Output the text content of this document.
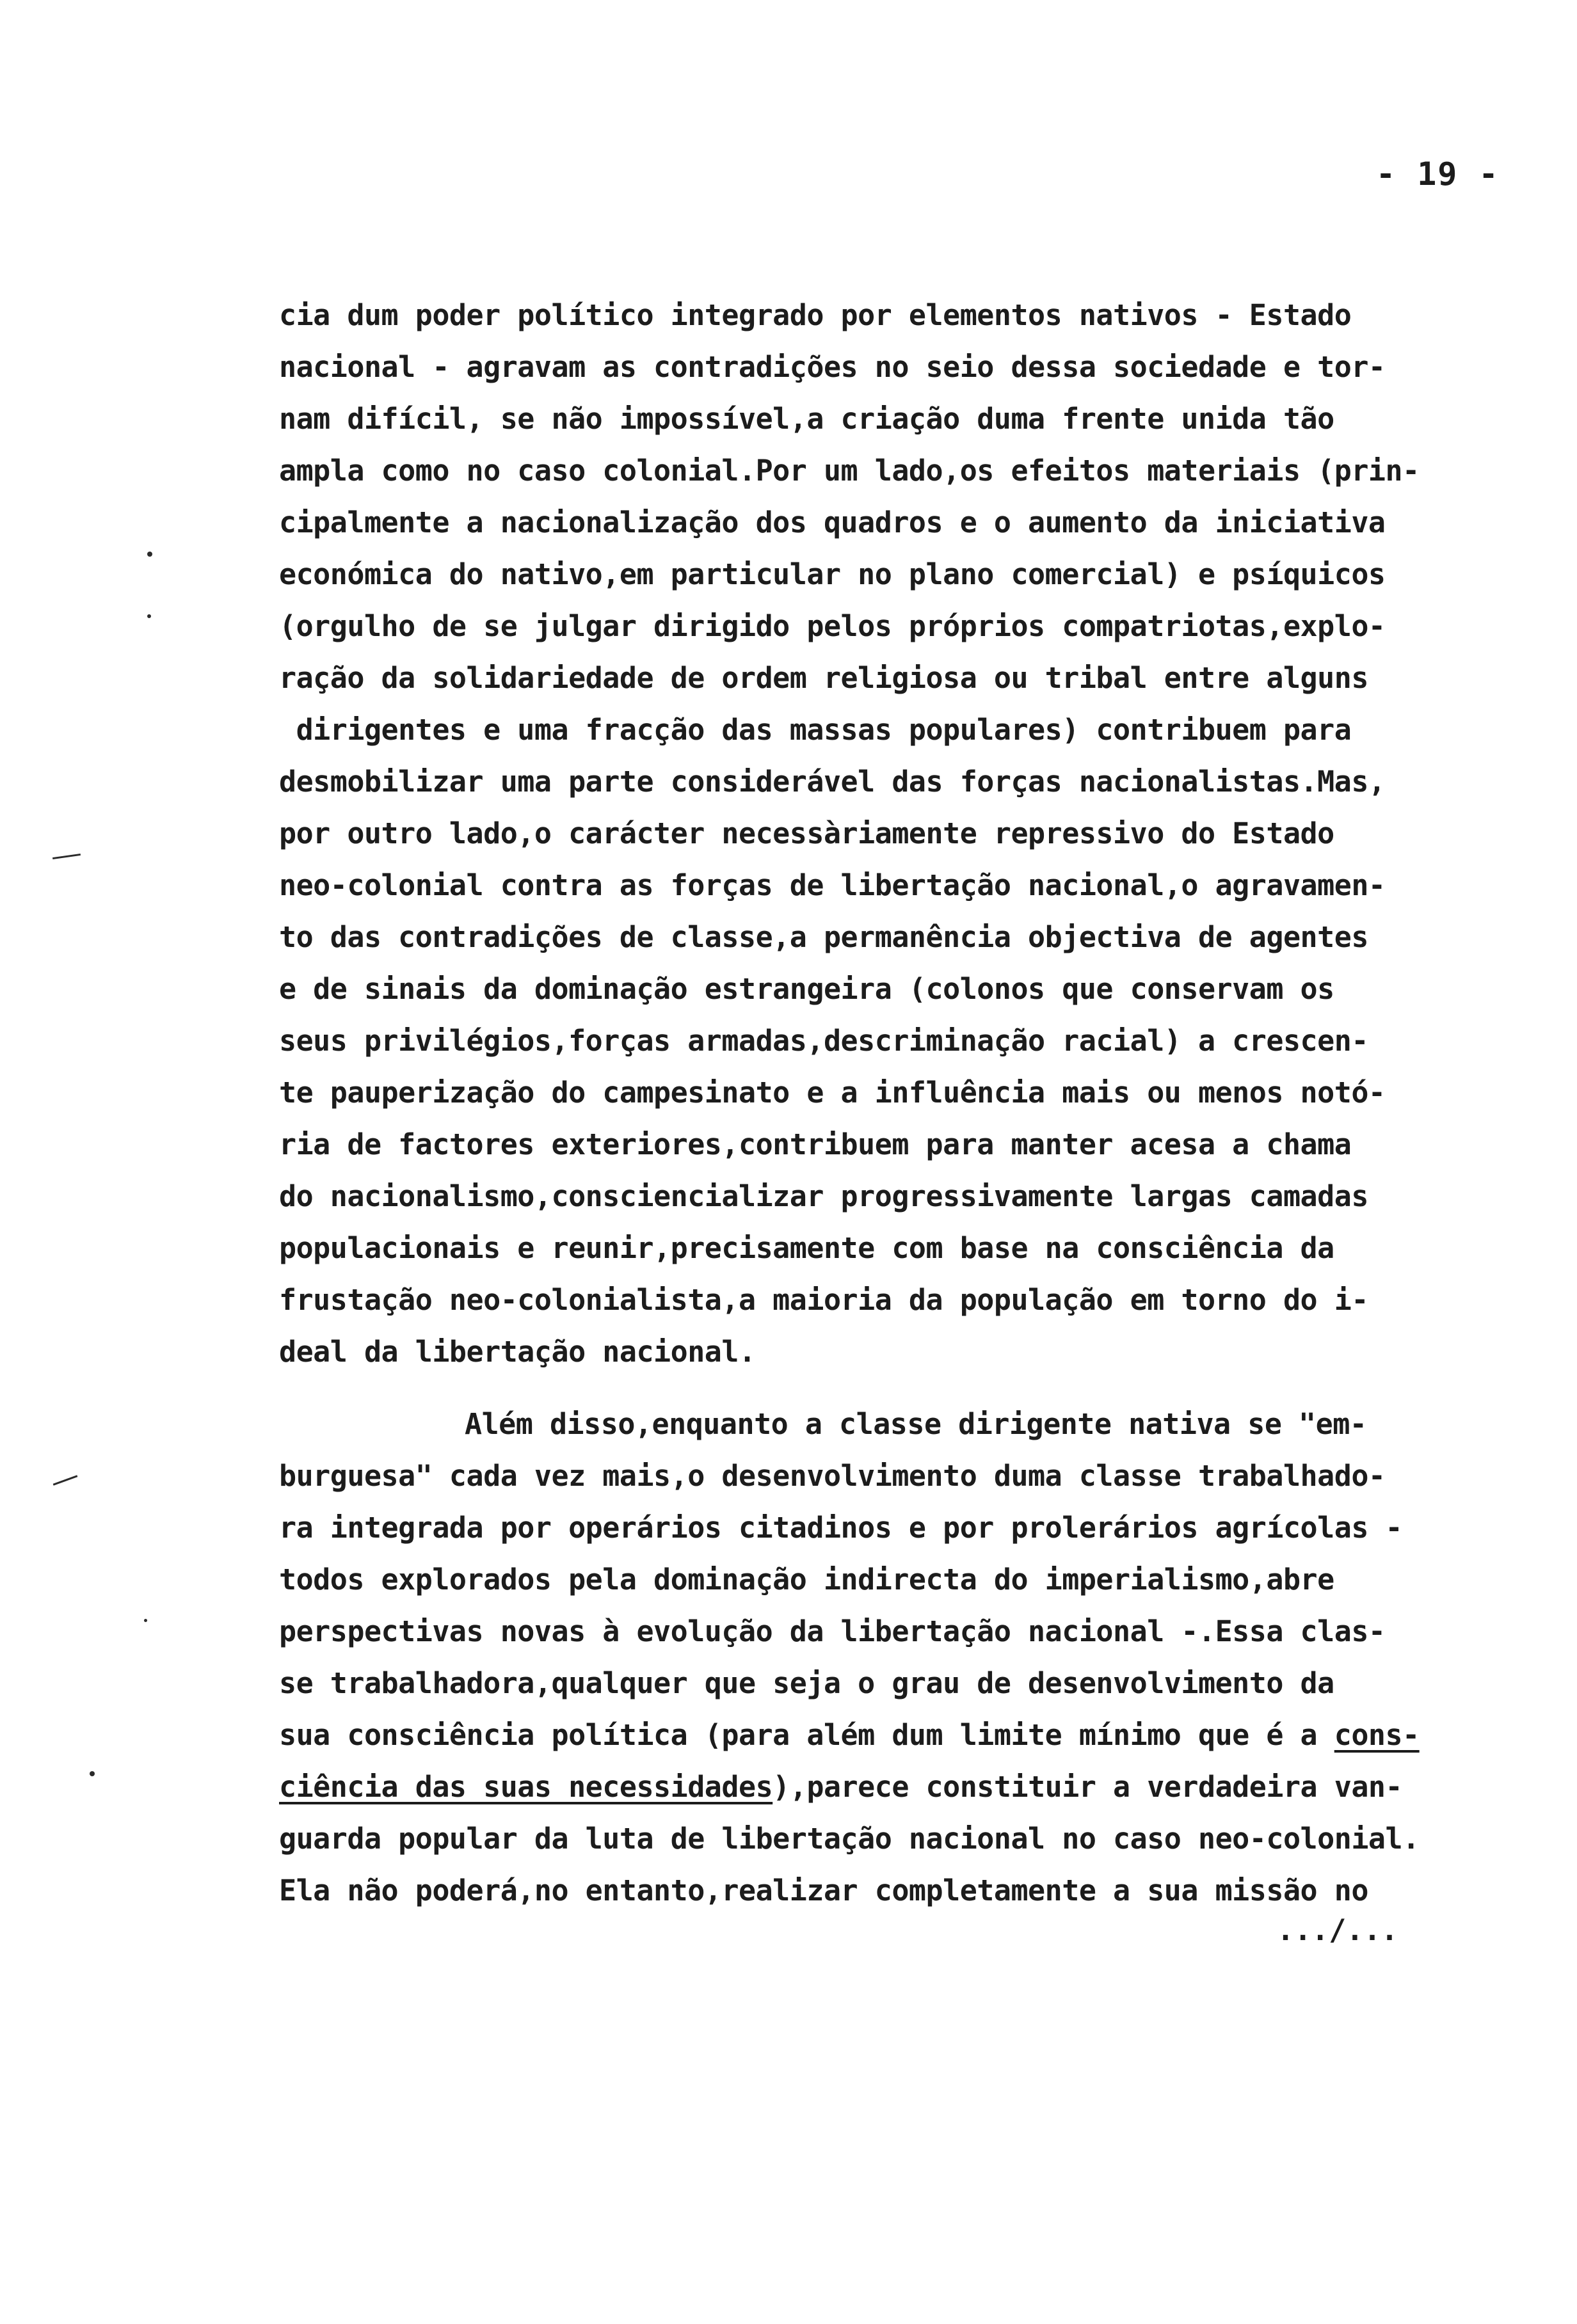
- 19 -
cia dum poder político integrado por elementos nativos - Estado
nacional - agravam as contradições no seio dessa sociedade e tor-
nam difícil, se não impossível,a criação duma frente unida tão
ampla como no caso colonial.Por um lado,os efeitos materiais (prin-
cipalmente a nacionalização dos quadros e o aumento da iniciativa
económica do nativo,em particular no plano comercial) e psíquicos
(orgulho de se julgar dirigido pelos próprios compatriotas,explo-
ração da solidariedade de ordem religiosa ou tribal entre alguns
dirigentes e uma fracção das massas populares) contribuem para
desmobilizar uma parte considerável das forças nacionalistas.Mas,
por outro lado,o carácter necessàriamente repressivo do Estado
neo-colonial contra as forças de libertação nacional,o agravamen-
to das contradições de classe,a permanência objectiva de agentes
e de sinais da dominação estrangeira (colonos que conservam os
seus privilégios,forças armadas,descriminação racial) a crescen-
te pauperização do campesinato e a influência mais ou menos notó-
ria de factores exteriores,contribuem para manter acesa a chama
do nacionalismo,consciencializar progressivamente largas camadas
populacionais e reunir,precisamente com base na consciência da
frustação neo-colonialista,a maioria da população em torno do i-
deal da libertação nacional.
Além disso,enquanto a classe dirigente nativa se "em-
burguesa" cada vez mais,o desenvolvimento duma classe trabalhado-
ra integrada por operários citadinos e por prolerários agrícolas -
todos explorados pela dominação indirecta do imperialismo,abre
perspectivas novas à evolução da libertação nacional -.Essa clas-
se trabalhadora,qualquer que seja o grau de desenvolvimento da
sua consciência política (para além dum limite mínimo que é a cons-
ciência das suas necessidades),parece constituir a verdadeira van-
guarda popular da luta de libertação nacional no caso neo-colonial.
Ela não poderá,no entanto,realizar completamente a sua missão no
.../...
